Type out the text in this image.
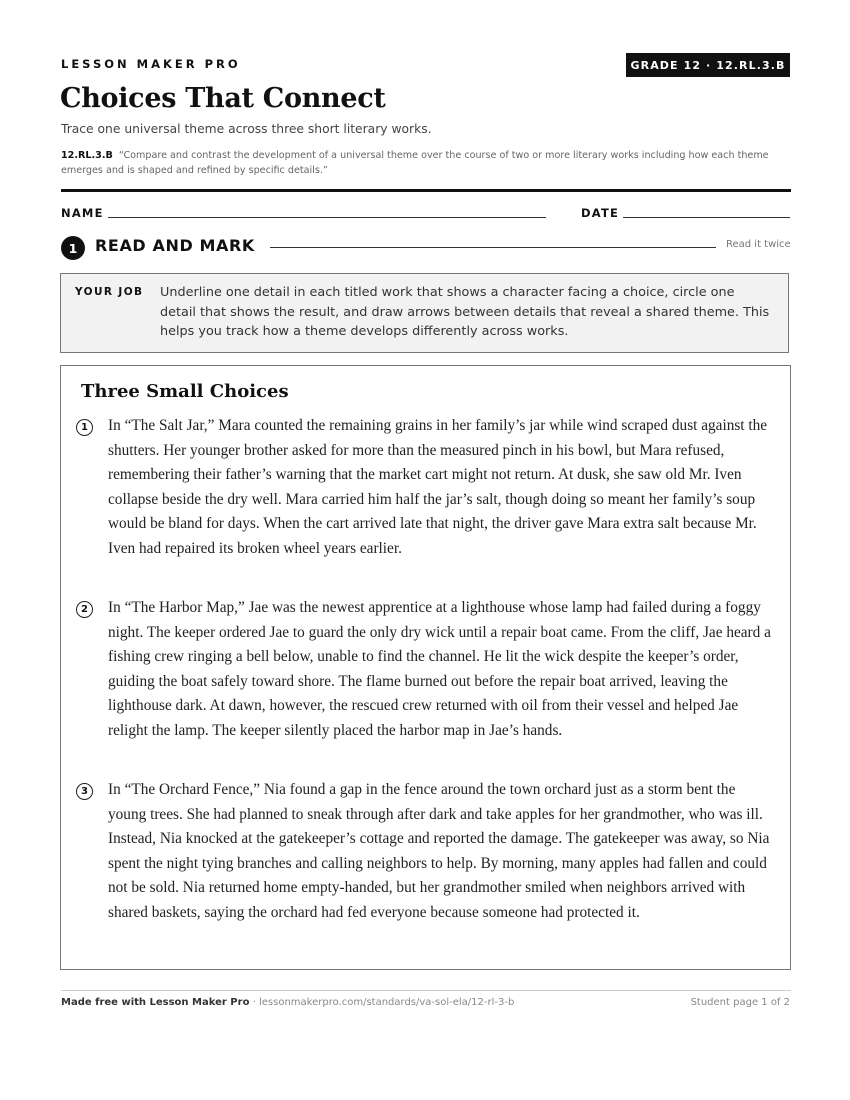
LESSON MAKER PRO	GRADE 12 · 12.RL.3.B
Choices That Connect
Trace one universal theme across three short literary works.
12.RL.3.B “Compare and contrast the development of a universal theme over the course of two or more literary works including how each theme emerges and is shaped and refined by specific details.”
NAME	DATE
1	READ AND MARK	Read it twice
YOUR JOB Underline one detail in each titled work that shows a character facing a choice, circle one detail that shows the result, and draw arrows between details that reveal a shared theme. This helps you track how a theme develops differently across works.
Three Small Choices
1	In “The Salt Jar,” Mara counted the remaining grains in her family’s jar while wind scraped dust against the shutters. Her younger brother asked for more than the measured pinch in his bowl, but Mara refused, remembering their father’s warning that the market cart might not return. At dusk, she saw old Mr. Iven collapse beside the dry well. Mara carried him half the jar’s salt, though doing so meant her family’s soup would be bland for days. When the cart arrived late that night, the driver gave Mara extra salt because Mr. Iven had repaired its broken wheel years earlier.

2	In “The Harbor Map,” Jae was the newest apprentice at a lighthouse whose lamp had failed during a foggy night. The keeper ordered Jae to guard the only dry wick until a repair boat came. From the cliff, Jae heard a fishing crew ringing a bell below, unable to find the channel. He lit the wick despite the keeper’s order, guiding the boat safely toward shore. The flame burned out before the repair boat arrived, leaving the lighthouse dark. At dawn, however, the rescued crew returned with oil from their vessel and helped Jae relight the lamp. The keeper silently placed the harbor map in Jae’s hands.

3	In “The Orchard Fence,” Nia found a gap in the fence around the town orchard just as a storm bent the young trees. She had planned to sneak through after dark and take apples for her grandmother, who was ill. Instead, Nia knocked at the gatekeeper’s cottage and reported the damage. The gatekeeper was away, so Nia spent the night tying branches and calling neighbors to help. By morning, many apples had fallen and could not be sold. Nia returned home empty-handed, but her grandmother smiled when neighbors arrived with shared baskets, saying the orchard had fed everyone because someone had protected it.

Made free with Lesson Maker Pro · lessonmakerpro.com/standards/va-sol-ela/12-rl-3-b	Student page 1 of 2
